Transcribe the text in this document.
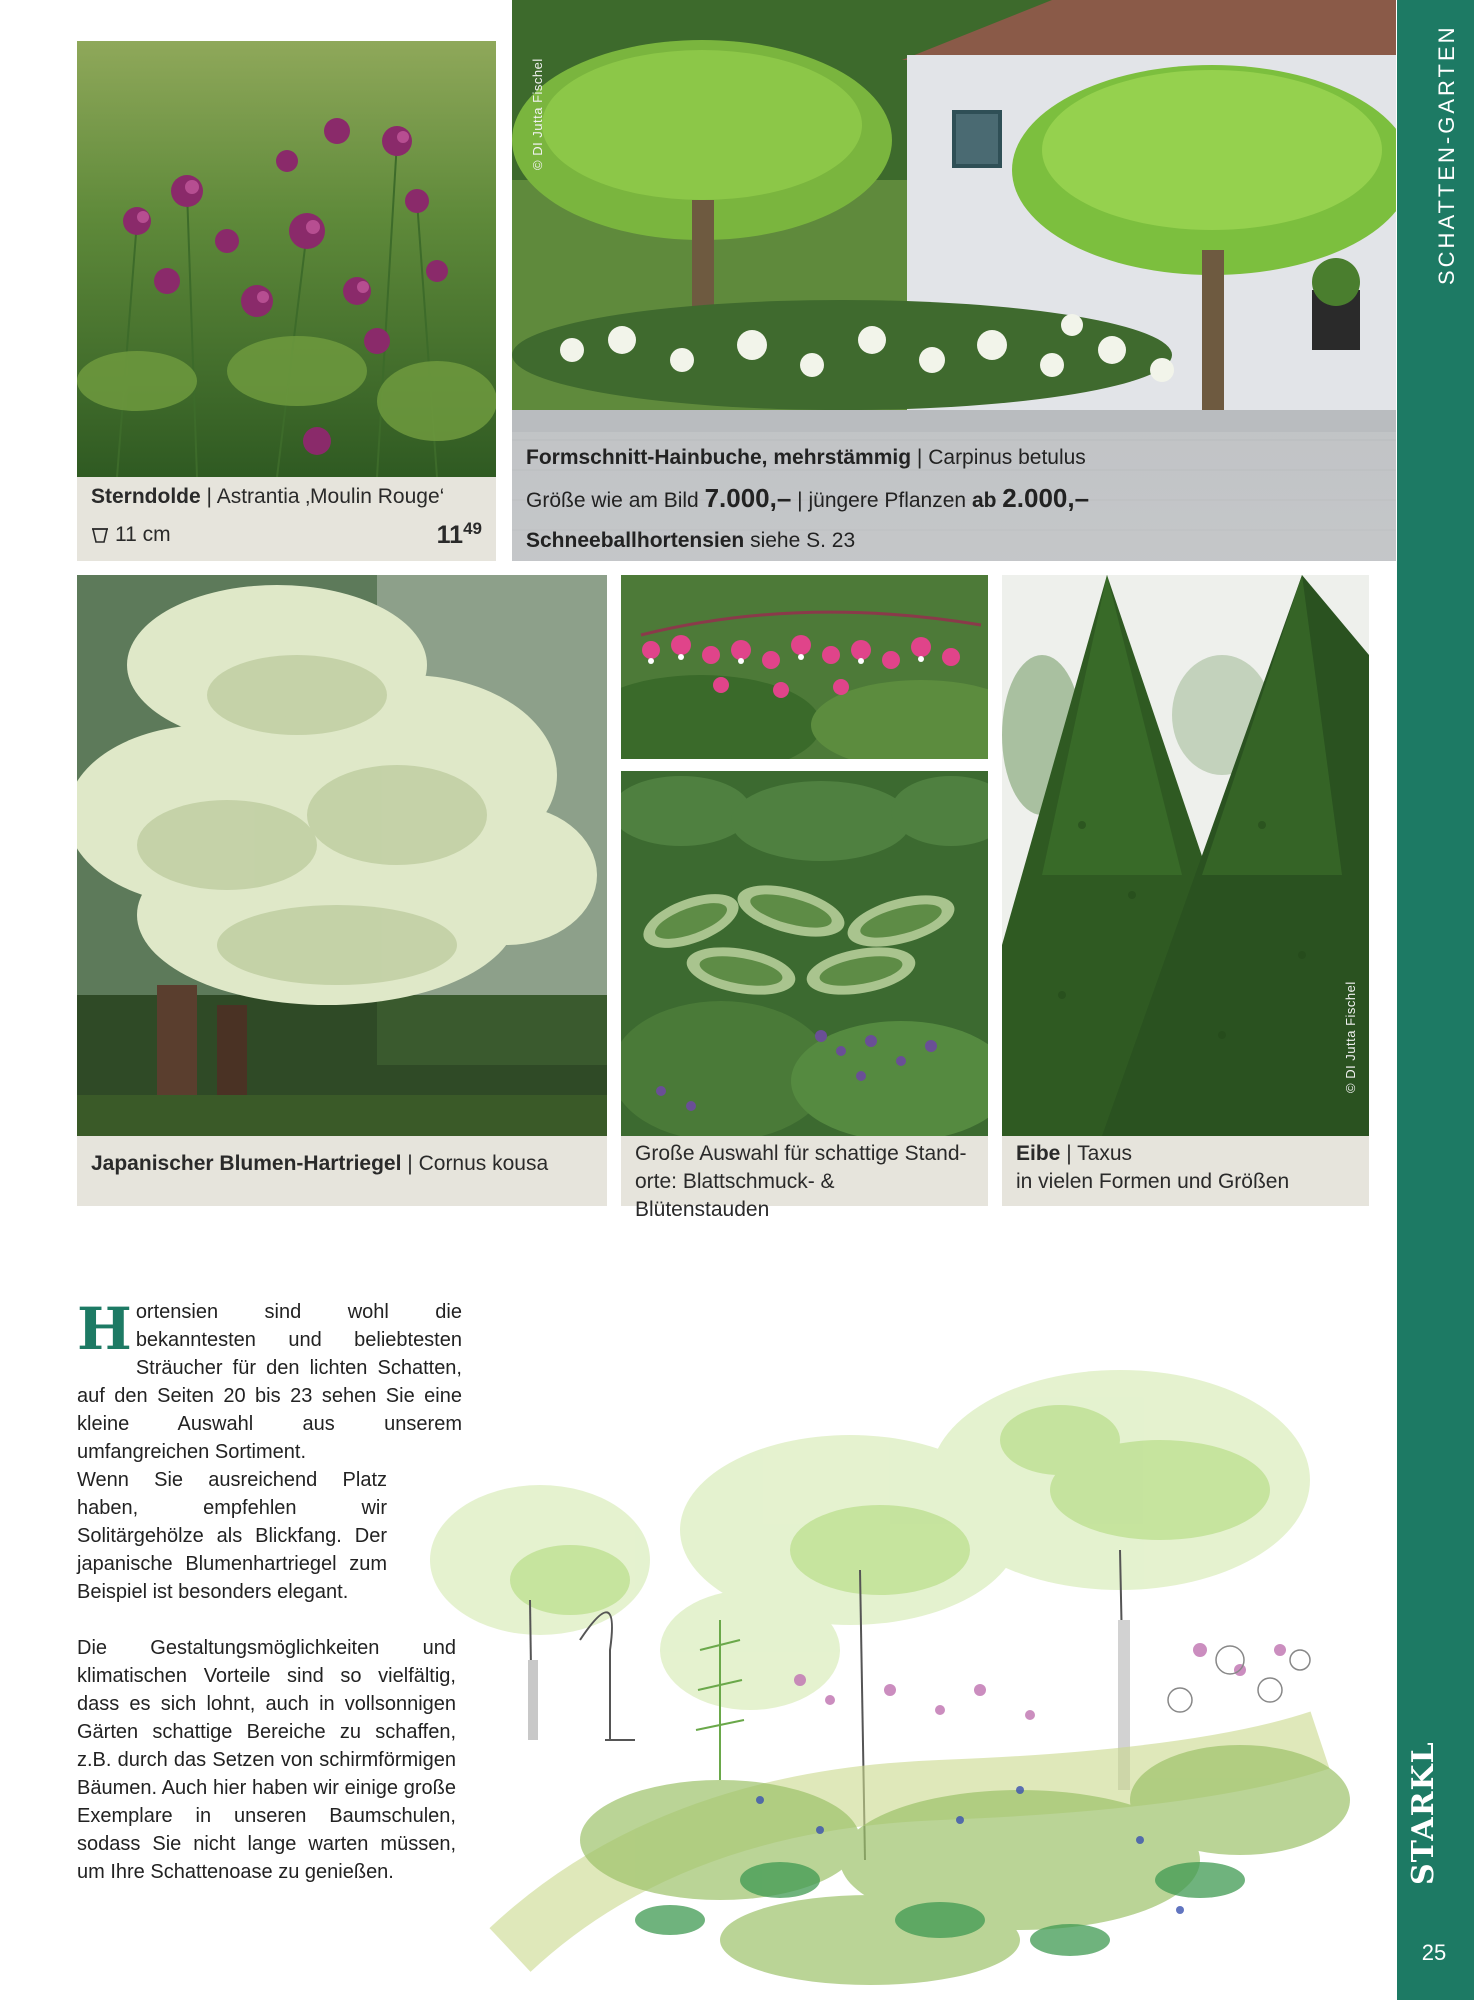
Sterndolde | Astrantia ‚Moulin Rouge‘
11 cm	$11^{49}$
© DI Jutta Fischel
Formschnitt-Hainbuche, mehrstämmig | Carpinus betulus
Größe wie am Bild 7.000,– | jüngere Pflanzen ab 2.000,–
Schneeballhortensien siehe S. 23
Japanischer Blumen-Hartriegel | Cornus kousa	Große Auswahl für schattige Stand-
orte: Blattschmuck- & Blütenstauden
© DI Jutta Fischel
Eibe | Taxus
in vielen Formen und Größen
Hortensien sind wohl die bekanntesten und beliebtesten Sträucher für den lichten Schatten, auf den Seiten 20 bis 23 sehen Sie eine kleine Auswahl aus unserem umfangreichen Sortiment.
Wenn Sie ausreichend Platz haben, empfehlen wir Solitärgehölze als Blickfang. Der japanische Blumenhartriegel zum Beispiel ist besonders elegant.
Die Gestaltungsmöglichkeiten und klimatischen Vorteile sind so vielfältig, dass es sich lohnt, auch in vollsonnigen Gärten schattige Bereiche zu schaffen, z.B. durch das Setzen von schirmförmigen Bäumen. Auch hier haben wir einige große Exemplare in unseren Baumschulen, sodass Sie nicht lange warten müssen, um Ihre Schattenoase zu genießen.
SCHATTEN-GARTEN
STARKL
25
